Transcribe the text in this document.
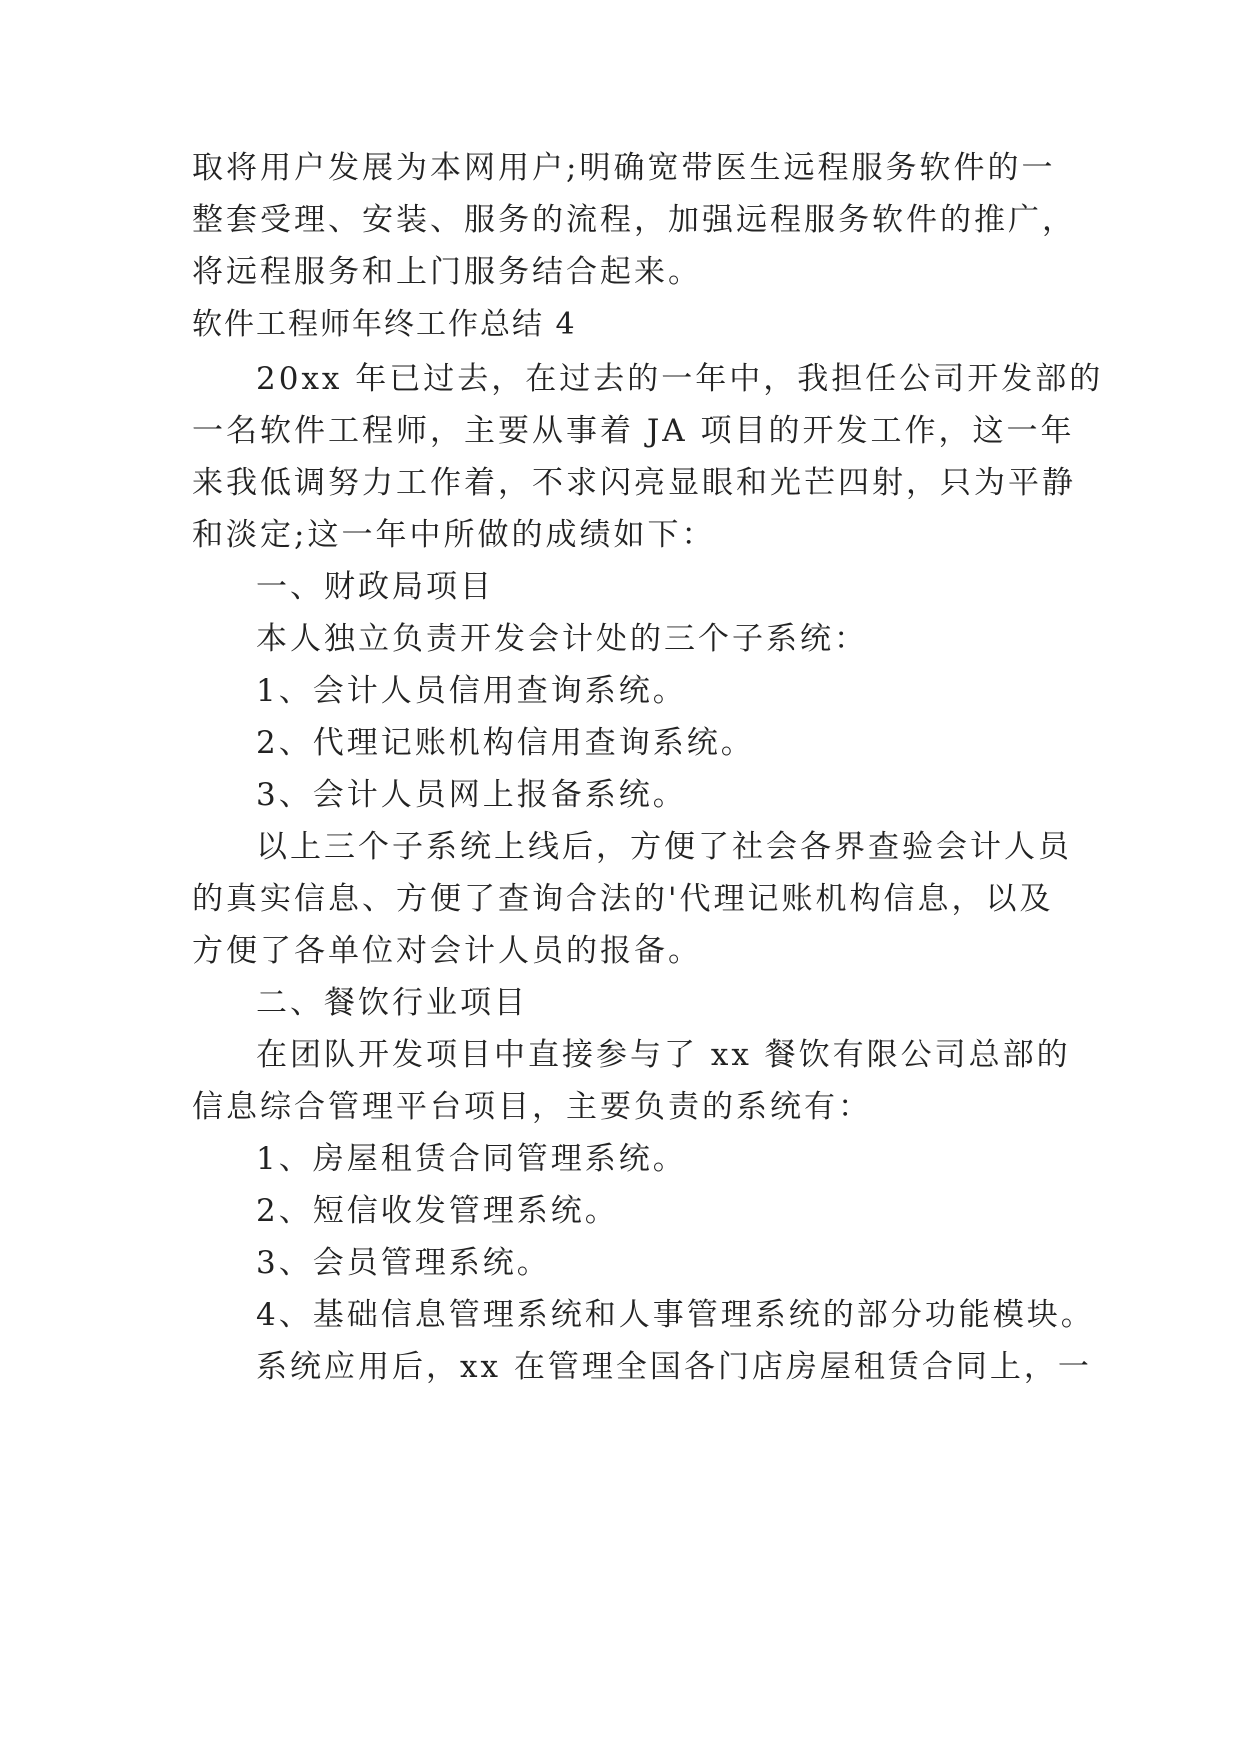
取将用户发展为本网用户;明确宽带医生远程服务软件的一
整套受理、安装、服务的流程，加强远程服务软件的推广，
将远程服务和上门服务结合起来。
软件工程师年终工作总结 4
20xx 年已过去，在过去的一年中，我担任公司开发部的
一名软件工程师，主要从事着 JA 项目的开发工作，这一年
来我低调努力工作着，不求闪亮显眼和光芒四射，只为平静
和淡定;这一年中所做的成绩如下：
一、财政局项目
本人独立负责开发会计处的三个子系统：
1、会计人员信用查询系统。
2、代理记账机构信用查询系统。
3、会计人员网上报备系统。
以上三个子系统上线后，方便了社会各界查验会计人员
的真实信息、方便了查询合法的'代理记账机构信息，以及
方便了各单位对会计人员的报备。
二、餐饮行业项目
在团队开发项目中直接参与了 xx 餐饮有限公司总部的
信息综合管理平台项目，主要负责的系统有：
1、房屋租赁合同管理系统。
2、短信收发管理系统。
3、会员管理系统。
4、基础信息管理系统和人事管理系统的部分功能模块。
系统应用后，xx 在管理全国各门店房屋租赁合同上，一
